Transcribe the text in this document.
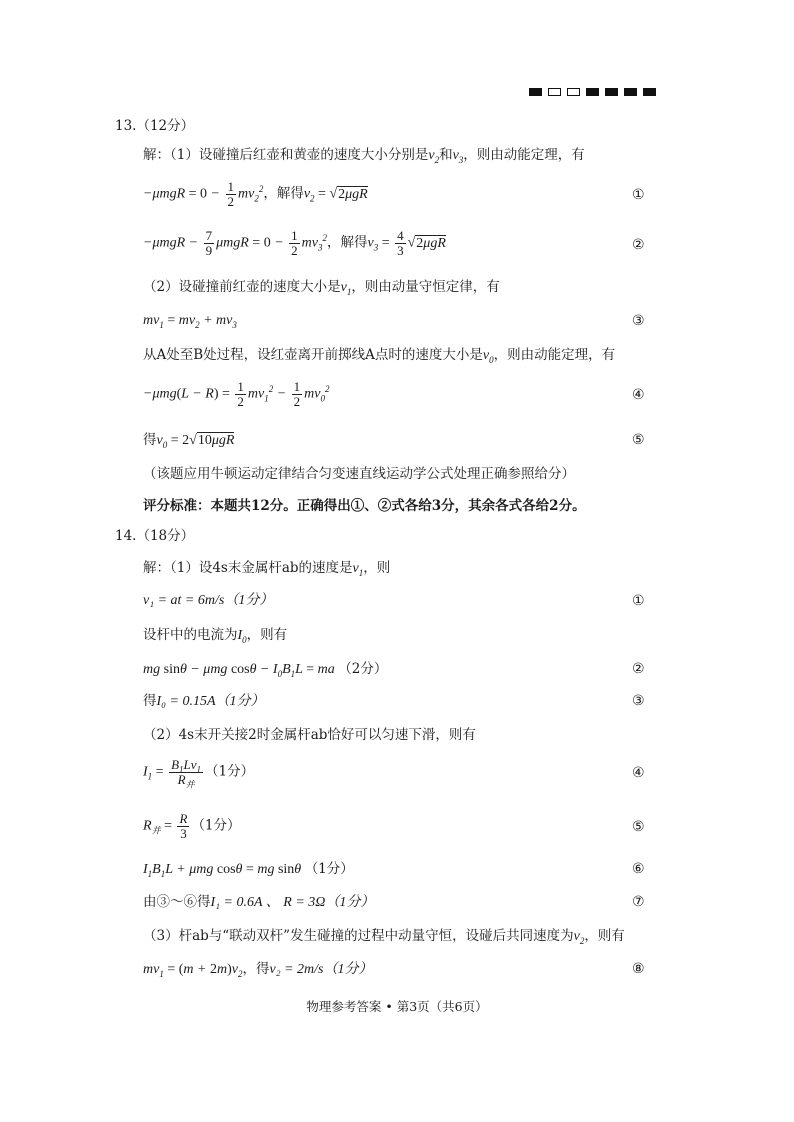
13.（12分）
解：（1）设碰撞后红壶和黄壶的速度大小分别是$v_2$和$v_3$，则由动能定理，有
$-\mu mgR = 0 - \frac{1}{2} mv_2^2$，解得$v_2 = √2\mu gR$	①
$-\mu mgR - \frac{7}{9}$ $\mu mgR = 0 - \frac{1}{2} mv_3^2$，解得$v_3 = \frac{4}{3} √2\mu gR$	②
（2）设碰撞前红壶的速度大小是$v_1$，则由动量守恒定律，有
$mv_1 = mv_2 + mv_3$	③
从A处至B处过程，设红壶离开前掷线A点时的速度大小是$v_0$，则由动能定理，有
$-\mu mg(L - R) = \frac{1}{2} mv_1^2 - \frac{1}{2} mv_0^2$	④
得$v_0 = 2√10\mu gR$	⑤
（该题应用牛顿运动定律结合匀变速直线运动学公式处理正确参照给分）
评分标准：本题共12分。正确得出①、②式各给3分，其余各式各给2分。
14.（18分）
解：（1）设4s末金属杆ab的速度是$v_1$，则
v₁ = at = 6m/s（1分）	①
设杆中的电流为$I_0$，则有
mg sinθ − μmg $\cos\theta - I_0B_1L$ = ma （2分）	②
得I₀ = 0.15A（1分）	③
（2）4s末开关接2时金属杆ab恰好可以匀速下滑，则有
$I_1 = \frac{B_1Lv_1}{R_并} (1$分）	④
$R_并 = \frac{R}{3} (1$分）	⑤
$I_1B_1L + \mu mg$ cosθ = mg sinθ （1分）	⑥
由③～⑥得I₁ = 0.6A 、 R = 3Ω（1分）	⑦
（3）杆ab与“联动双杆”发生碰撞的过程中动量守恒，设碰后共同速度为$v_2$，则有
$mv_1 = (m + 2m)v_2$，得v₂ = 2m/s（1分）	⑧
物理参考答案 • 第3页（共6页）
